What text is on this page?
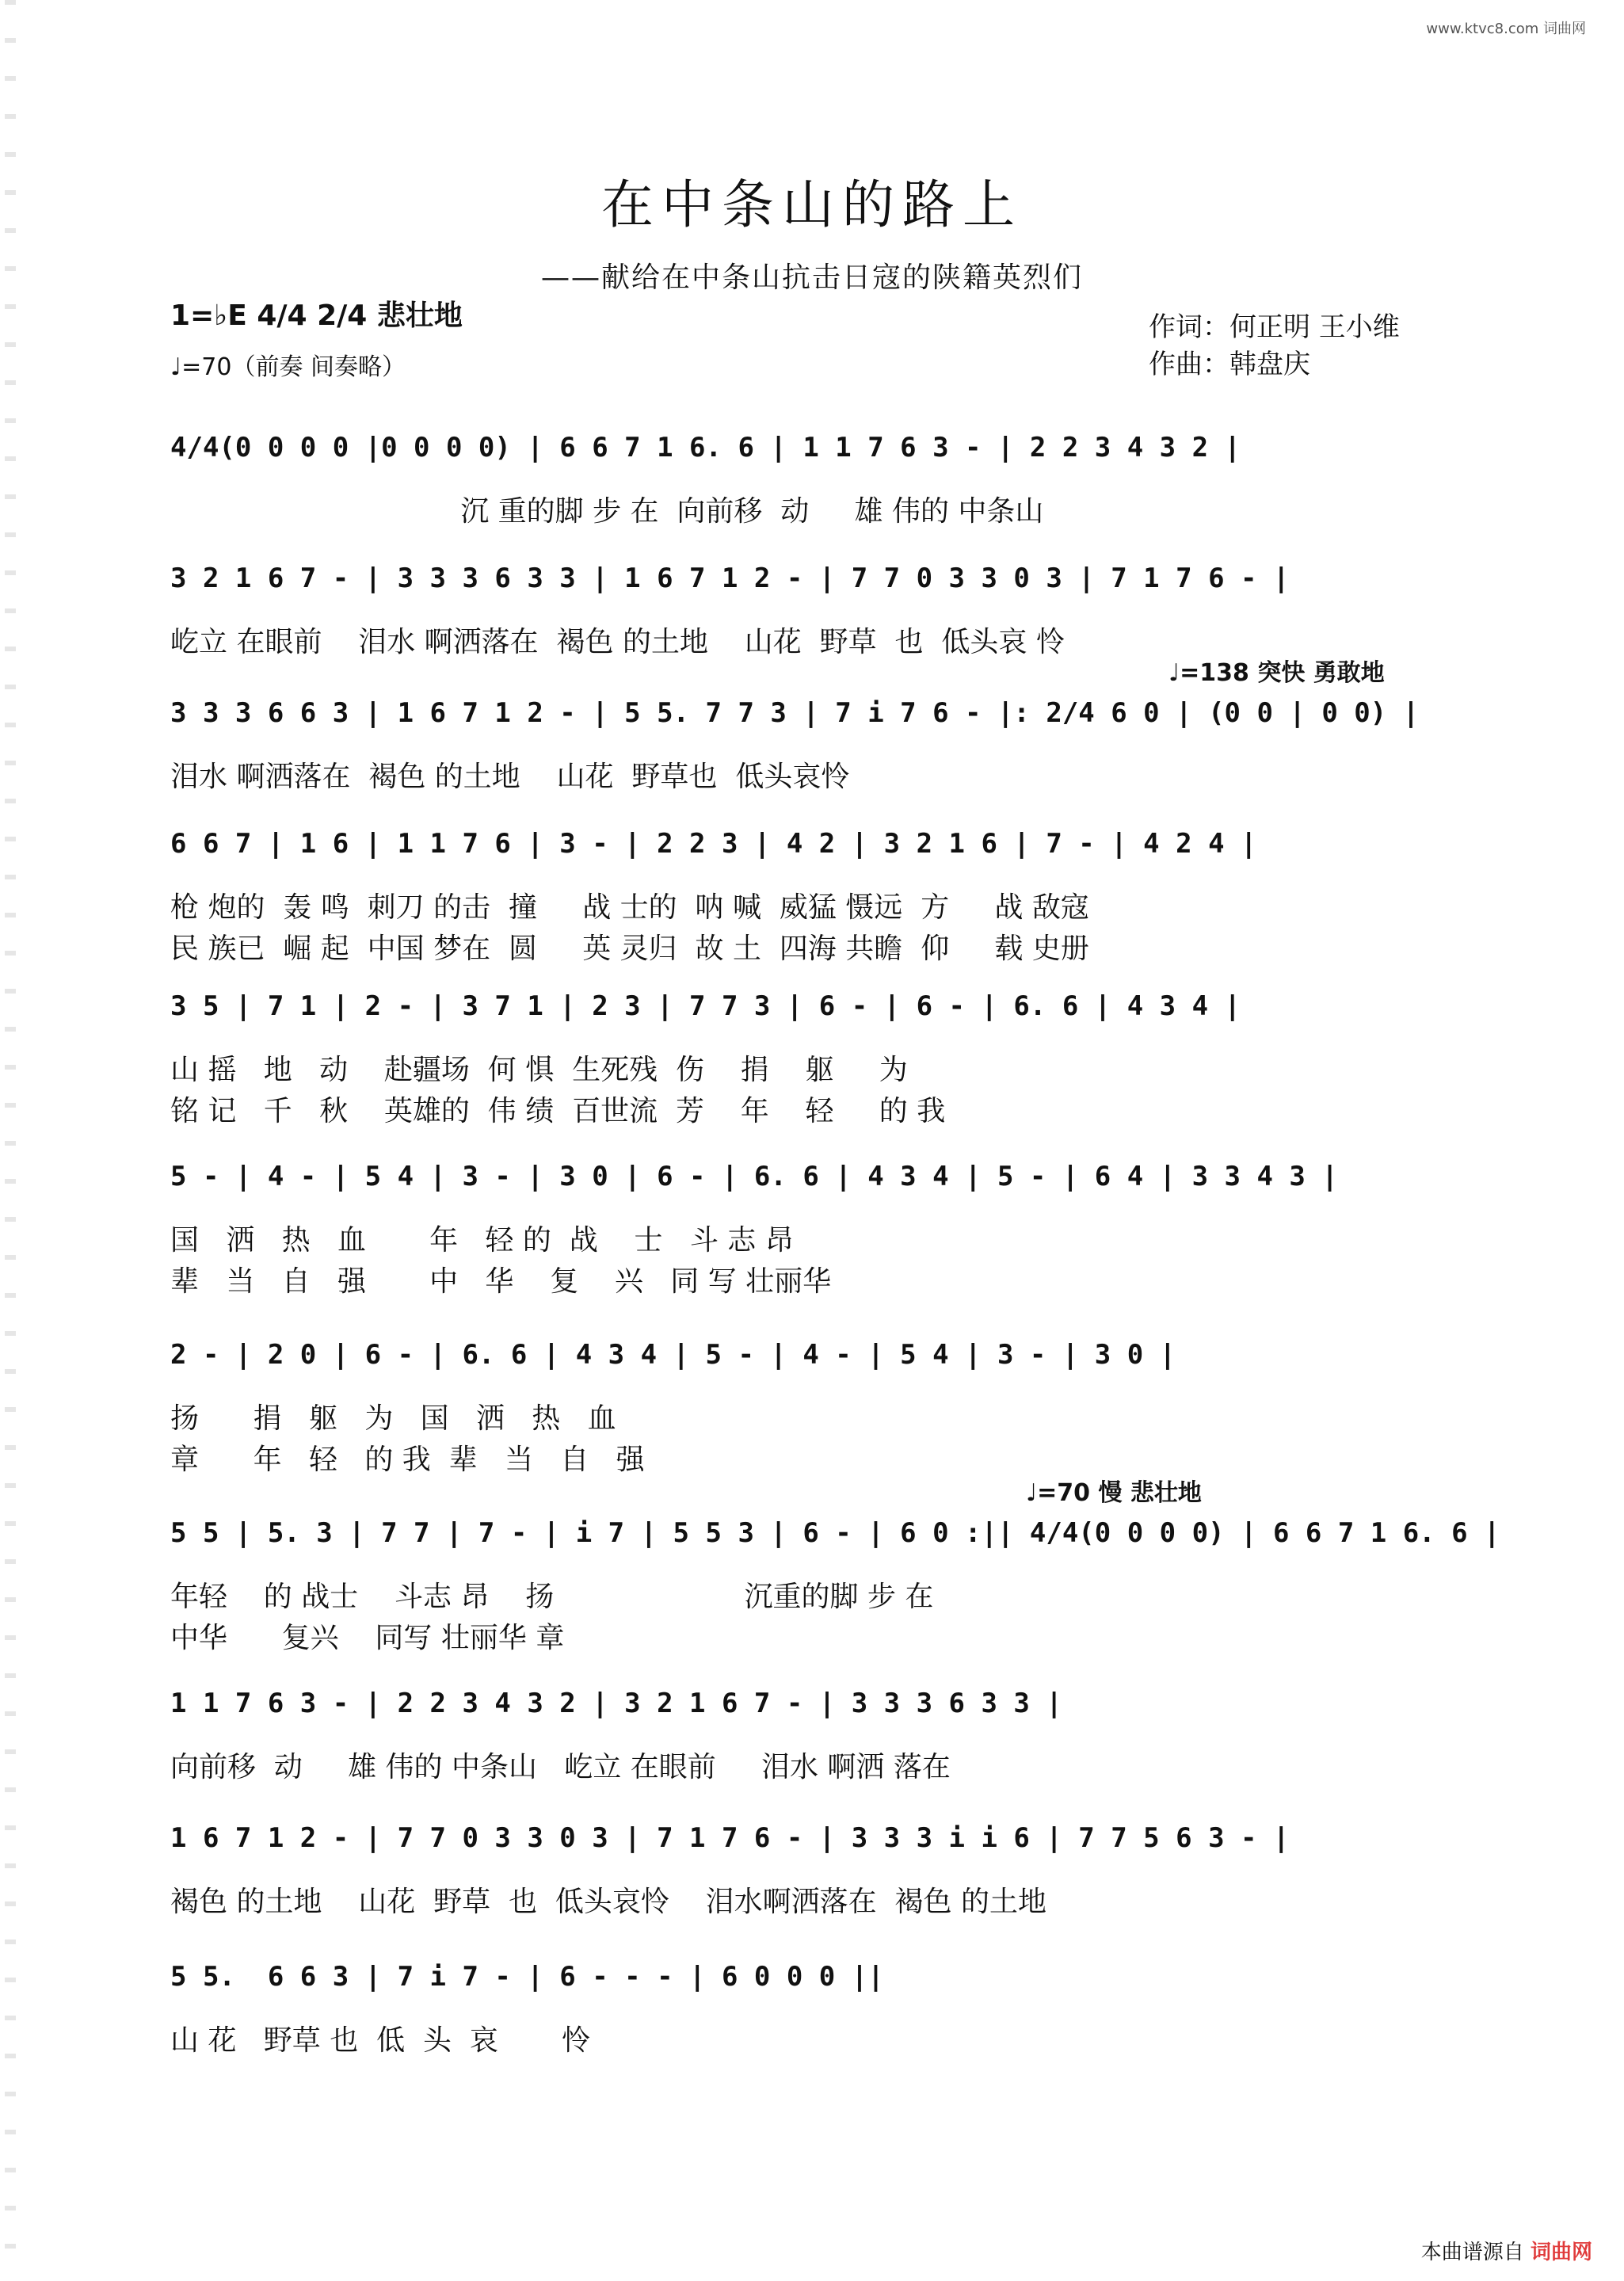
www.ktvc8.com 词曲网
在中条山的路上
——献给在中条山抗击日寇的陕籍英烈们
1=♭E 4/4 2/4 悲壮地
♩=70（前奏 间奏略）
作词：何正明 王小维
作曲：韩盘庆
4/4(0 0 0 0 |0 0 0 0) | 6 6 7 1 6. 6 | 1 1 7 6 3 - | 2 2 3 4 3 2 |
沉 重的脚 步 在  向前移  动     雄 伟的 中条山
3 2 1 6 7 - | 3 3 3 6 3 3 | 1 6 7 1 2 - | 7 7 0 3 3 0 3 | 7 1 7 6 - |
屹立 在眼前    泪水 啊洒落在  褐色 的土地    山花  野草  也  低头哀 怜
3 3 3 6 6 3 | 1 6 7 1 2 - | 5 5. 7 7 3 | 7 i 7 6 - |: 2/4 6 0 | (0 0 | 0 0) |
泪水 啊洒落在  褐色 的土地    山花  野草也  低头哀怜
♩=138 突快 勇敢地
6 6 7 | 1 6 | 1 1 7 6 | 3 - | 2 2 3 | 4 2 | 3 2 1 6 | 7 - | 4 2 4 |
枪 炮的  轰 鸣  刺刀 的击  撞     战 士的  呐 喊  威猛 慑远  方     战 敌寇
民 族已  崛 起  中国 梦在  圆     英 灵归  故 土  四海 共瞻  仰     载 史册
3 5 | 7 1 | 2 - | 3 7 1 | 2 3 | 7 7 3 | 6 - | 6 - | 6. 6 | 4 3 4 |
山 摇   地   动    赴疆场  何 惧  生死残  伤    捐    躯     为
铭 记   千   秋    英雄的  伟 绩  百世流  芳    年    轻     的 我
5 - | 4 - | 5 4 | 3 - | 3 0 | 6 - | 6. 6 | 4 3 4 | 5 - | 6 4 | 3 3 4 3 |
国   洒   热   血       年   轻 的  战    士   斗 志 昂
辈   当   自   强       中   华    复    兴   同 写 壮丽华
2 - | 2 0 | 6 - | 6. 6 | 4 3 4 | 5 - | 4 - | 5 4 | 3 - | 3 0 |
扬      捐   躯   为   国   洒   热   血
章      年   轻   的 我  辈   当   自   强
5 5 | 5. 3 | 7 7 | 7 - | i 7 | 5 5 3 | 6 - | 6 0 :|| 4/4(0 0 0 0) | 6 6 7 1 6. 6 |
年轻    的 战士    斗志 昂    扬                     沉重的脚 步 在
中华      复兴    同写 壮丽华 章
♩=70 慢 悲壮地
1 1 7 6 3 - | 2 2 3 4 3 2 | 3 2 1 6 7 - | 3 3 3 6 3 3 |
向前移  动     雄 伟的 中条山   屹立 在眼前     泪水 啊洒 落在
1 6 7 1 2 - | 7 7 0 3 3 0 3 | 7 1 7 6 - | 3 3 3 i i 6 | 7 7 5 6 3 - |
褐色 的土地    山花  野草  也  低头哀怜    泪水啊洒落在  褐色 的土地
5 5.  6 6 3 | 7 i 7 - | 6 - - - | 6 0 0 0 ||
山 花   野草 也  低  头  哀       怜
本曲谱源自 词曲网
